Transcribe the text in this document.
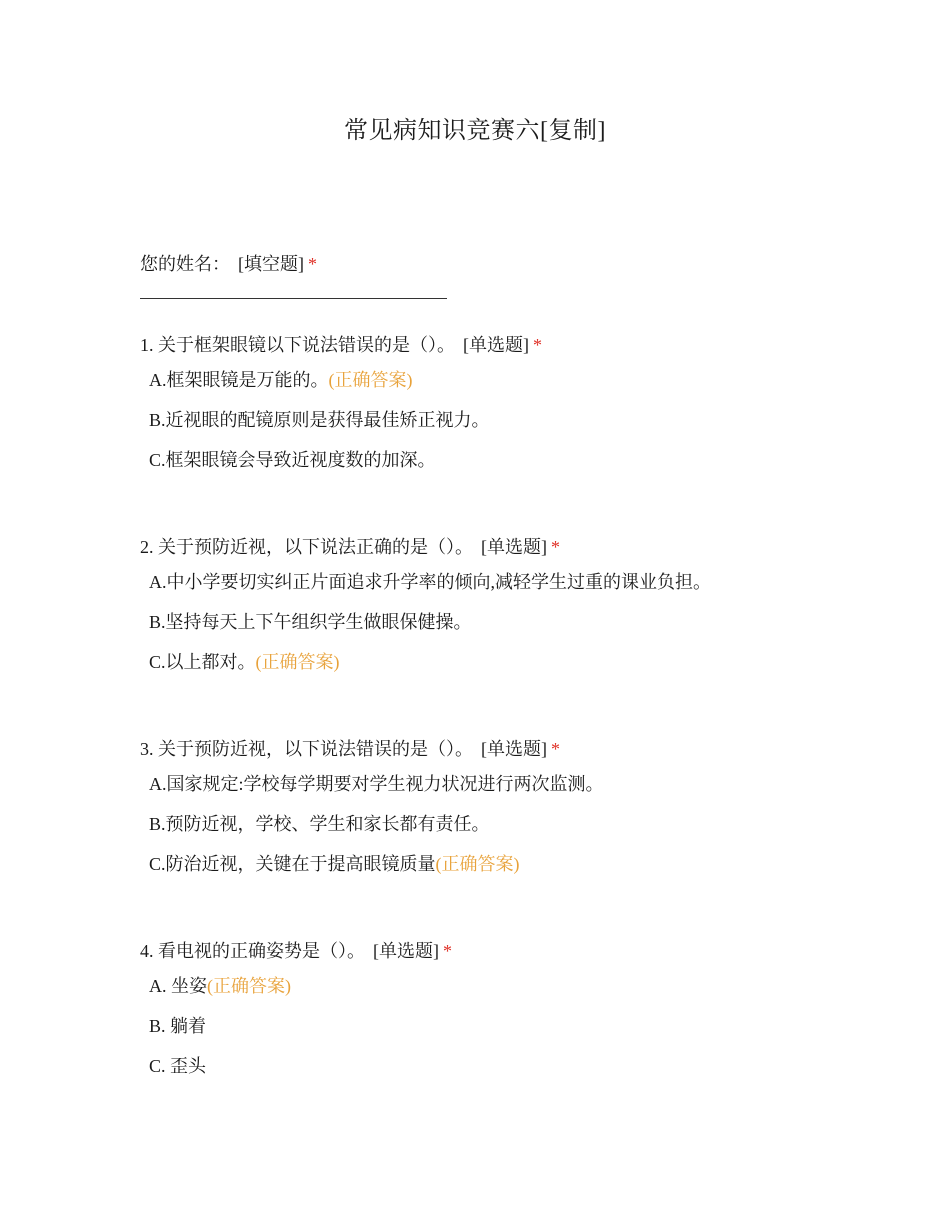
常见病知识竞赛六[复制]
您的姓名： [填空题] *
1. 关于框架眼镜以下说法错误的是（）。 [单选题] *
A.框架眼镜是万能的。(正确答案)
B.近视眼的配镜原则是获得最佳矫正视力。
C.框架眼镜会导致近视度数的加深。
2. 关于预防近视，以下说法正确的是（）。 [单选题] *
A.中小学要切实纠正片面追求升学率的倾向,减轻学生过重的课业负担。
B.坚持每天上下午组织学生做眼保健操。
C.以上都对。(正确答案)
3. 关于预防近视，以下说法错误的是（）。 [单选题] *
A.国家规定:学校每学期要对学生视力状况进行两次监测。
B.预防近视，学校、学生和家长都有责任。
C.防治近视，关键在于提高眼镜质量(正确答案)
4. 看电视的正确姿势是（）。 [单选题] *
A. 坐姿(正确答案)
B. 躺着
C. 歪头
